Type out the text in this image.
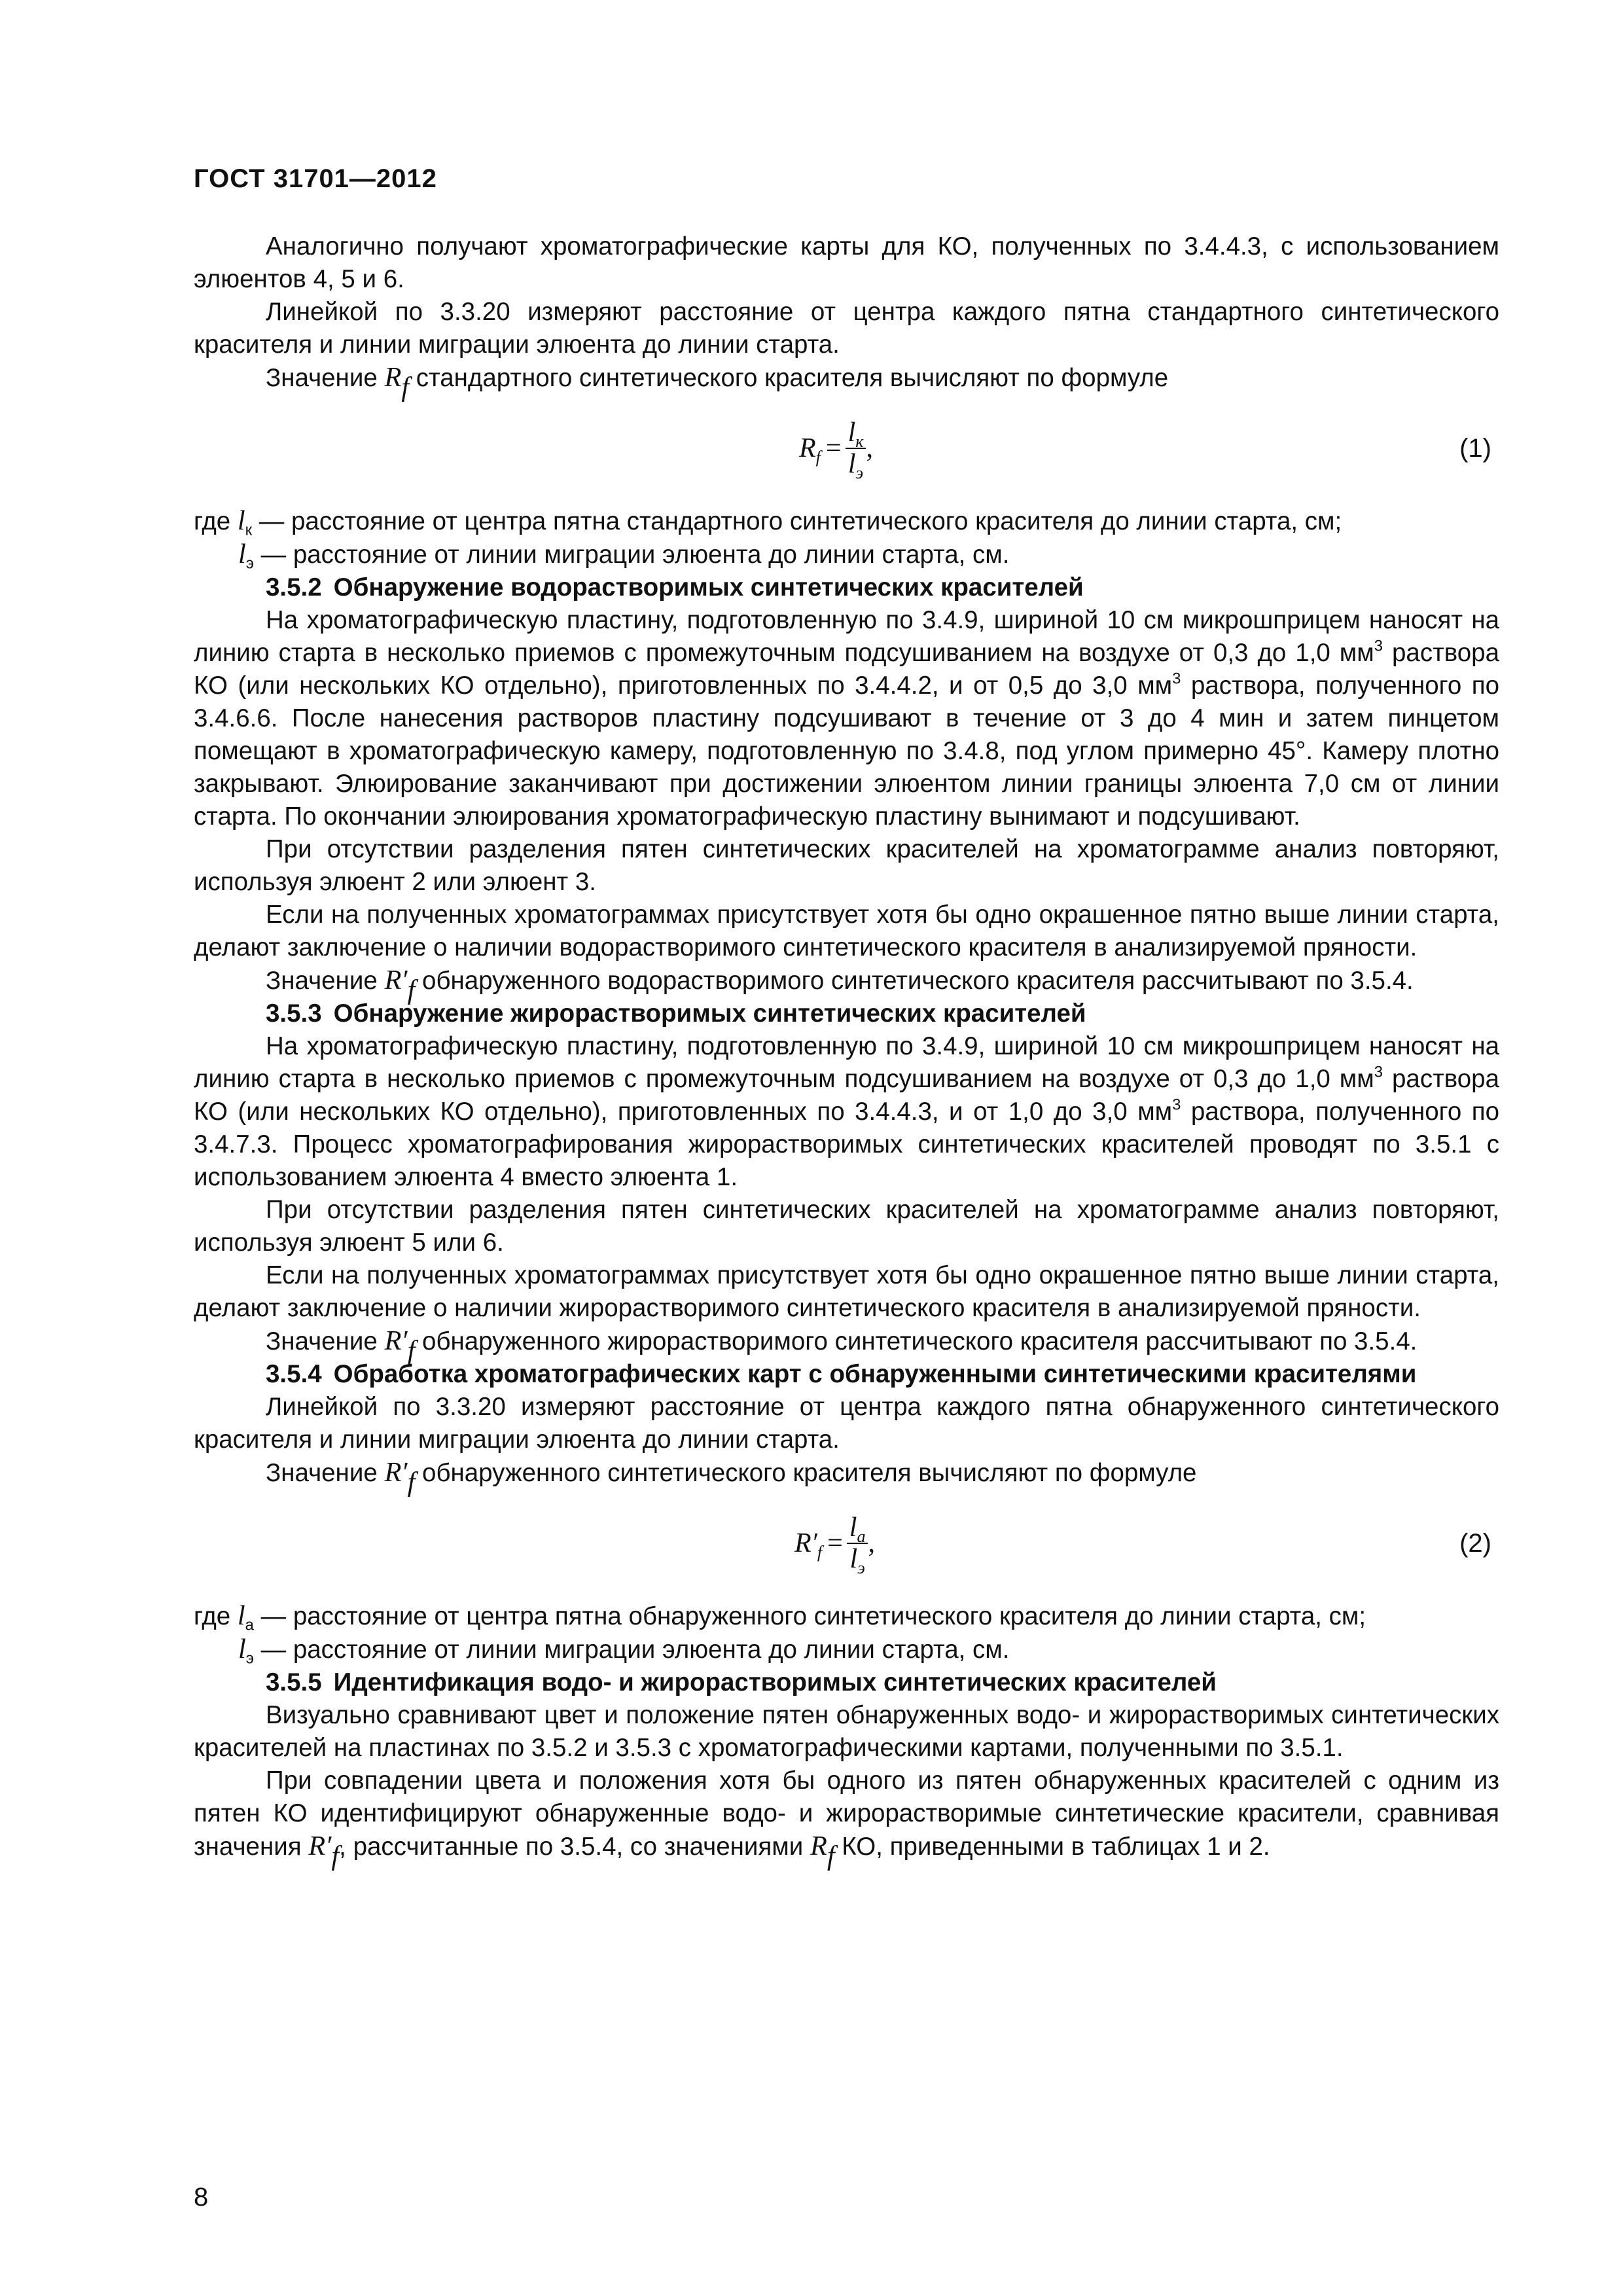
ГОСТ 31701—2012

Аналогично получают хроматографические карты для КО, полученных по 3.4.4.3, с использованием элюентов 4, 5 и 6.

Линейкой по 3.3.20 измеряют расстояние от центра каждого пятна стандартного синтетического красителя и линии миграции элюента до линии старта.

Значение $R_f$ стандартного синтетического красителя вычисляют по формуле

$R_f = \frac{l_к}{l_э}$ ,	(1)

где $l_к$ — расстояние от центра пятна стандартного синтетического красителя до линии старта, см;

$l_э$ — расстояние от линии миграции элюента до линии старта, см.

3.5.2 Обнаружение водорастворимых синтетических красителей

На хроматографическую пластину, подготовленную по 3.4.9, шириной 10 см микрошприцем наносят на линию старта в несколько приемов с промежуточным подсушиванием на воздухе от 0,3 до 1,0 $мм^3$ раствора КО (или нескольких КО отдельно), приготовленных по 3.4.4.2, и от 0,5 до 3,0 $мм^3$ раствора, полученного по 3.4.6.6. После нанесения растворов пластину подсушивают в течение от 3 до 4 мин и затем пинцетом помещают в хроматографическую камеру, подготовленную по 3.4.8, под углом примерно 45°. Камеру плотно закрывают. Элюирование заканчивают при достижении элюентом линии границы элюента 7,0 см от линии старта. По окончании элюирования хроматографическую пластину вынимают и подсушивают.

При отсутствии разделения пятен синтетических красителей на хроматограмме анализ повторяют, используя элюент 2 или элюент 3.

Если на полученных хроматограммах присутствует хотя бы одно окрашенное пятно выше линии старта, делают заключение о наличии водорастворимого синтетического красителя в анализируемой пряности.

Значение $R'_f$ обнаруженного водорастворимого синтетического красителя рассчитывают по 3.5.4.

3.5.3 Обнаружение жирорастворимых синтетических красителей

На хроматографическую пластину, подготовленную по 3.4.9, шириной 10 см микрошприцем наносят на линию старта в несколько приемов с промежуточным подсушиванием на воздухе от 0,3 до 1,0 $мм^3$ раствора КО (или нескольких КО отдельно), приготовленных по 3.4.4.3, и от 1,0 до 3,0 $мм^3$ раствора, полученного по 3.4.7.3. Процесс хроматографирования жирорастворимых синтетических красителей проводят по 3.5.1 с использованием элюента 4 вместо элюента 1.

При отсутствии разделения пятен синтетических красителей на хроматограмме анализ повторяют, используя элюент 5 или 6.

Если на полученных хроматограммах присутствует хотя бы одно окрашенное пятно выше линии старта, делают заключение о наличии жирорастворимого синтетического красителя в анализируемой пряности.

Значение $R'_f$ обнаруженного жирорастворимого синтетического красителя рассчитывают по 3.5.4.

3.5.4 Обработка хроматографических карт с обнаруженными синтетическими красителями

Линейкой по 3.3.20 измеряют расстояние от центра каждого пятна обнаруженного синтетического красителя и линии миграции элюента до линии старта.

Значение $R'_f$ обнаруженного синтетического красителя вычисляют по формуле

$R'_f = \frac{l_а}{l_э}$ ,	(2)

где $l_а$ — расстояние от центра пятна обнаруженного синтетического красителя до линии старта, см;

$l_э$ — расстояние от линии миграции элюента до линии старта, см.

3.5.5 Идентификация водо- и жирорастворимых синтетических красителей

Визуально сравнивают цвет и положение пятен обнаруженных водо- и жирорастворимых синтетических красителей на пластинах по 3.5.2 и 3.5.3 с хроматографическими картами, полученными по 3.5.1.

При совпадении цвета и положения хотя бы одного из пятен обнаруженных красителей с одним из пятен КО идентифицируют обнаруженные водо- и жирорастворимые синтетические красители, сравнивая значения $R'_f$, рассчитанные по 3.5.4, со значениями $R_f$ КО, приведенными в таблицах 1 и 2.

8
